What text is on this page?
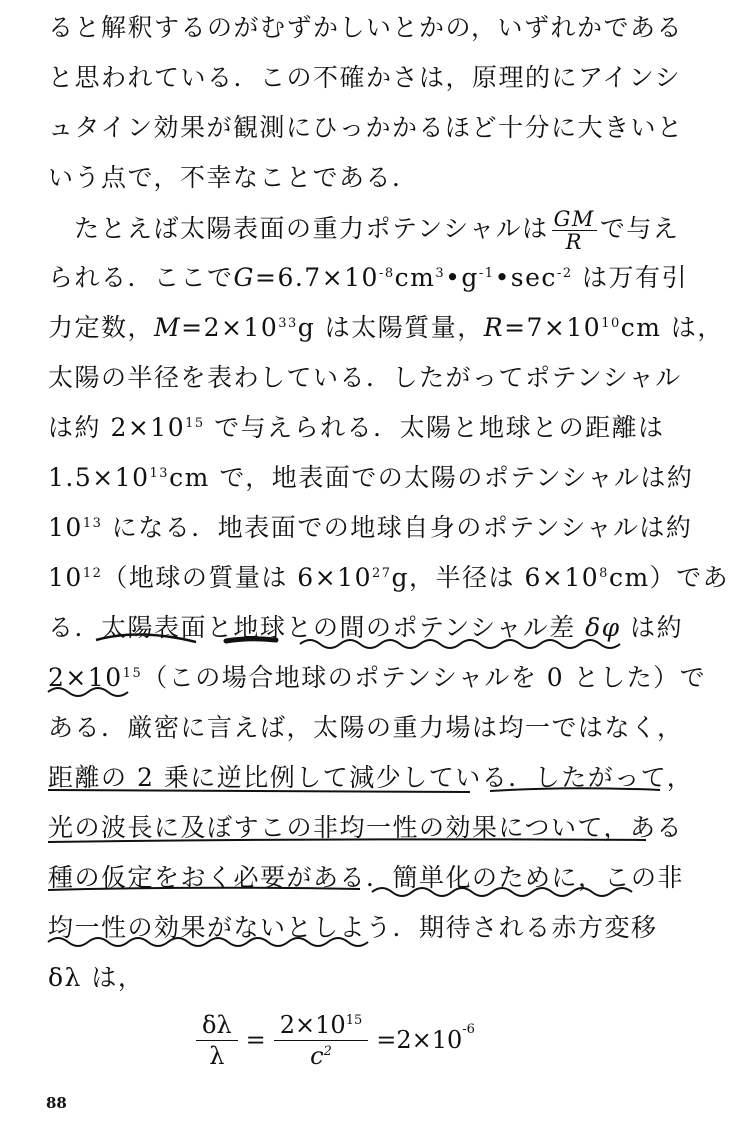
ると解釈するのがむずかしいとかの，いずれかである
と思われている．この不確かさは，原理的にアインシ
ュタイン効果が観測にひっかかるほど十分に大きいと
いう点で，不幸なことである．
たとえば太陽表面の重力ポテンシャルは $\frac{GM}{R}$ で与え
られる．ここで$G=6.7\times 10^{-8}cm^3•g^{-1}•\sec^{-2}$ は万有引
力定数，$M=2\times 10^{33}g$ は太陽質量，$R=7\times 10^{10}cm$ は，
太陽の半径を表わしている．したがってポテンシャル
は約 $2\times 10^{15}$ で与えられる．太陽と地球との距離は
$1.5\times 10^{13}cm$ で，地表面での太陽のポテンシャルは約
$10^{13}$ になる．地表面での地球自身のポテンシャルは約
$10^{12}$（地球の質量は $6\times 10^{27}g$，半径は $6\times 10^8cm$）であ
る．太陽表面と地球との間のポテンシャル差 δφ は約
$2\times 10^{15}$（この場合地球のポテンシャルを 0 とした）で
ある．厳密に言えば，太陽の重力場は均一ではなく，
距離の 2 乗に逆比例して減少している．したがって，
光の波長に及ぼすこの非均一性の効果について，ある
種の仮定をおく必要がある．簡単化のために，この非
均一性の効果がないとしよう．期待される赤方変移
δλ は，
$\frac{\delta\lambda}{\lambda} = \frac{2\times 10^{15}}{c^2} =2\times 10^{-6}$
88
